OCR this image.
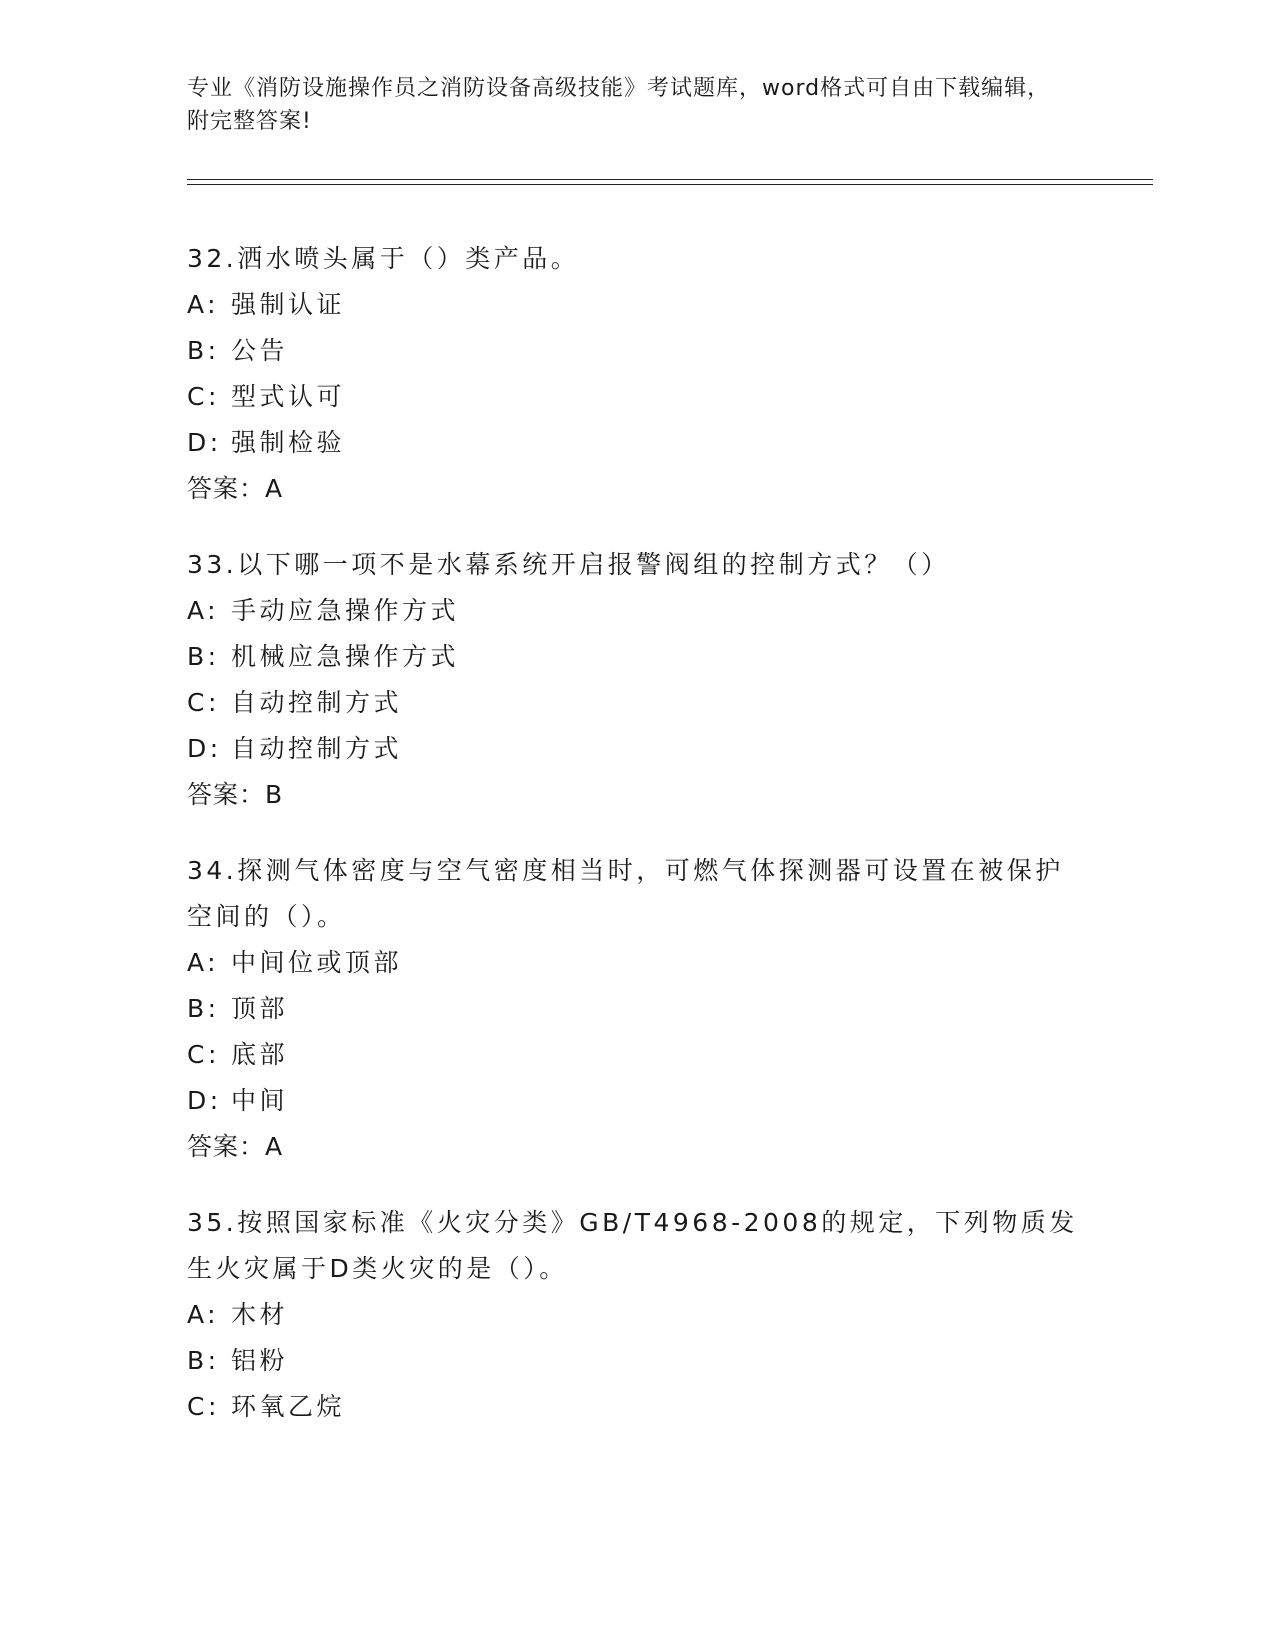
专业《消防设施操作员之消防设备高级技能》考试题库，word格式可自由下载编辑，附完整答案!
32.洒水喷头属于（）类产品。
A: 强制认证
B: 公告
C: 型式认可
D: 强制检验
答案：A
33.以下哪一项不是水幕系统开启报警阀组的控制方式？（）
A: 手动应急操作方式
B: 机械应急操作方式
C: 自动控制方式
D: 自动控制方式
答案：B
34.探测气体密度与空气密度相当时，可燃气体探测器可设置在被保护空间的（）。
A: 中间位或顶部
B: 顶部
C: 底部
D: 中间
答案：A
35.按照国家标准《火灾分类》GB/T4968-2008的规定，下列物质发生火灾属于D类火灾的是（）。
A: 木材
B: 铝粉
C: 环氧乙烷
